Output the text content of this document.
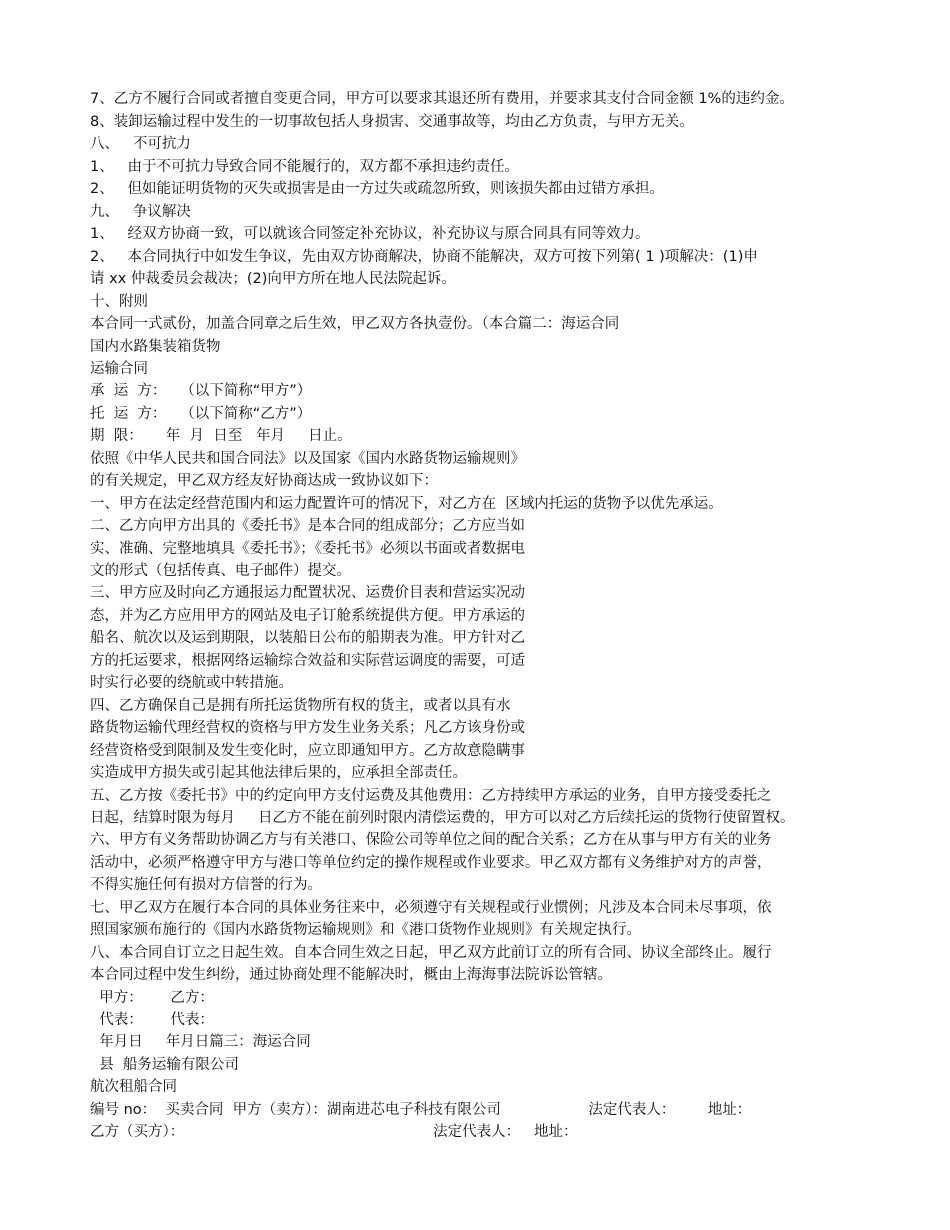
7、乙方不履行合同或者擅自变更合同，甲方可以要求其退还所有费用，并要求其支付合同金额 1%的违约金。
8、装卸运输过程中发生的一切事故包括人身损害、交通事故等，均由乙方负责，与甲方无关。
八、   不可抗力
1、   由于不可抗力导致合同不能履行的，双方都不承担违约责任。
2、   但如能证明货物的灭失或损害是由一方过失或疏忽所致，则该损失都由过错方承担。
九、   争议解决
1、   经双方协商一致，可以就该合同签定补充协议，补充协议与原合同具有同等效力。
2、   本合同执行中如发生争议，先由双方协商解决，协商不能解决，双方可按下列第( 1 )项解决：(1)申
请 xx 仲裁委员会裁决；(2)向甲方所在地人民法院起诉。
十、附则
本合同一式贰份，加盖合同章之后生效，甲乙双方各执壹份。（本合篇二：海运合同
国内水路集装箱货物
运输合同
承  运  方：   （以下简称“甲方”）
托  运  方：   （以下简称“乙方”）
期  限：     年  月  日至   年月     日止。
依照《中华人民共和国合同法》以及国家《国内水路货物运输规则》
的有关规定，甲乙双方经友好协商达成一致协议如下：
一、甲方在法定经营范围内和运力配置许可的情况下，对乙方在  区域内托运的货物予以优先承运。
二、乙方向甲方出具的《委托书》是本合同的组成部分；乙方应当如
实、准确、完整地填具《委托书》；《委托书》必须以书面或者数据电
文的形式（包括传真、电子邮件）提交。
三、甲方应及时向乙方通报运力配置状况、运费价目表和营运实况动
态，并为乙方应用甲方的网站及电子订舱系统提供方便。甲方承运的
船名、航次以及运到期限，以装船日公布的船期表为准。甲方针对乙
方的托运要求，根据网络运输综合效益和实际营运调度的需要，可适
时实行必要的绕航或中转措施。
四、乙方确保自己是拥有所托运货物所有权的货主，或者以具有水
路货物运输代理经营权的资格与甲方发生业务关系；凡乙方该身份或
经营资格受到限制及发生变化时，应立即通知甲方。乙方故意隐瞒事
实造成甲方损失或引起其他法律后果的，应承担全部责任。
五、乙方按《委托书》中的约定向甲方支付运费及其他费用：乙方持续甲方承运的业务，自甲方接受委托之
日起，结算时限为每月     日乙方不能在前列时限内清偿运费的，甲方可以对乙方后续托运的货物行使留置权。
六、甲方有义务帮助协调乙方与有关港口、保险公司等单位之间的配合关系；乙方在从事与甲方有关的业务
活动中，必须严格遵守甲方与港口等单位约定的操作规程或作业要求。甲乙双方都有义务维护对方的声誉，
不得实施任何有损对方信誉的行为。
七、甲乙双方在履行本合同的具体业务往来中，必须遵守有关规程或行业惯例；凡涉及本合同未尽事项，依
照国家颁布施行的《国内水路货物运输规则》和《港口货物作业规则》有关规定执行。
八、本合同自订立之日起生效。自本合同生效之日起，甲乙双方此前订立的所有合同、协议全部终止。履行
本合同过程中发生纠纷，通过协商处理不能解决时，概由上海海事法院诉讼管辖。
甲方：      乙方：
代表：      代表：
年月日     年月日篇三：海运合同
县  船务运输有限公司
航次租船合同
编号 no：  买卖合同  甲方（卖方）：湖南进芯电子科技有限公司                   法定代表人：       地址：
乙方（买方）：                                                      法定代表人：   地址：
